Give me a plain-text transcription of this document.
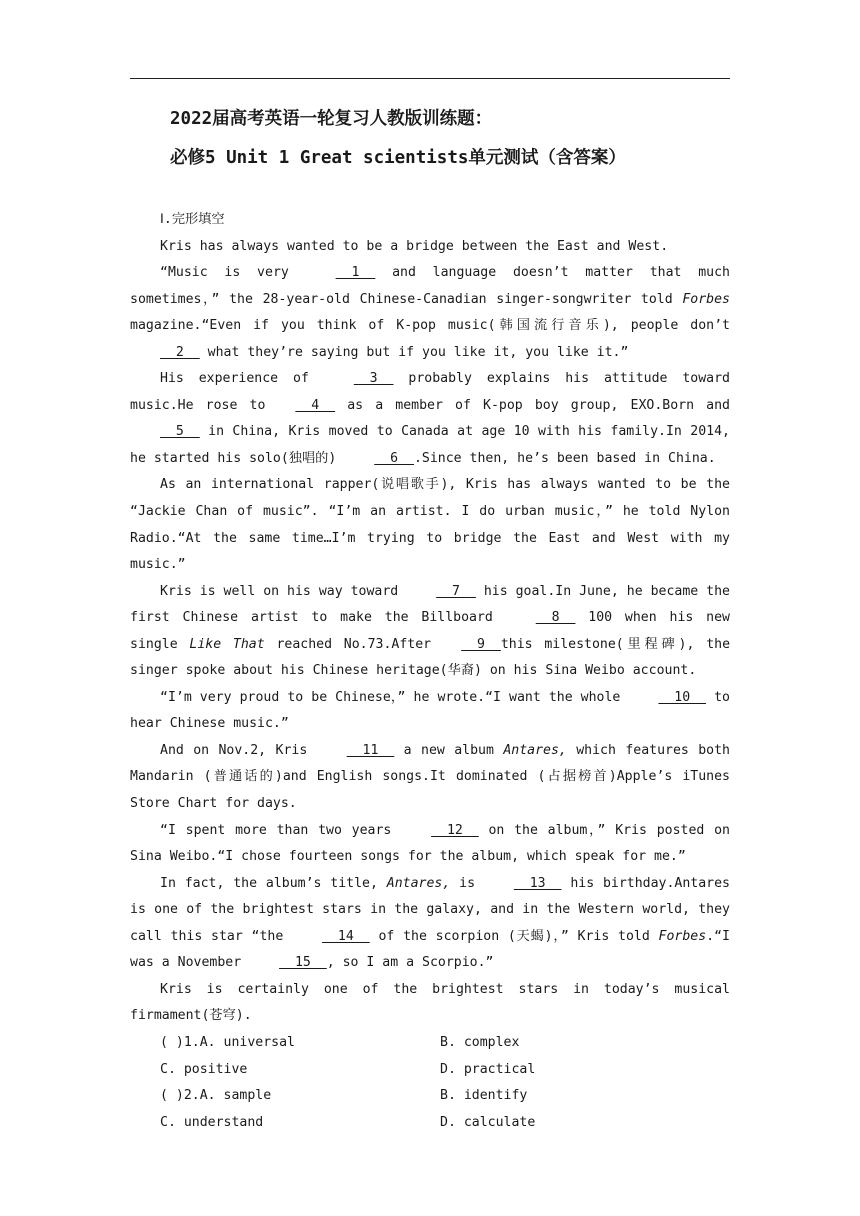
2022届高考英语一轮复习人教版训练题：
必修5 Unit 1 Great scientists单元测试（含答案）

Ⅰ.完形填空

Kris has always wanted to be a bridge between the East and West.

“Music is very   1   and language doesn’t matter that much sometimes，” the 28-year-old Chinese-Canadian singer-songwriter told Forbes magazine.“Even if you think of K-pop music(韩国流行音乐), people don’t   2   what they’re saying but if you like it, you like it.”

His experience of   3   probably explains his attitude toward music.He rose to  4   as a member of K-pop boy group, EXO.Born and   5   in China, Kris moved to Canada at age 10 with his family.In 2014, he started his solo(独唱的)   6  .Since then, he’s been based in China.

As an international rapper(说唱歌手), Kris has always wanted to be the “Jackie Chan of music”. “I’m an artist. I do urban music，” he told Nylon Radio.“At the same time…I’m trying to bridge the East and West with my music.”

Kris is well on his way toward   7   his goal.In June, he became the first Chinese artist to make the Billboard   8   100 when his new single Like That reached No.73.After  9  this milestone(里程碑), the singer spoke about his Chinese heritage(华裔) on his Sina Weibo account.

“I’m very proud to be Chinese，” he wrote.“I want the whole   10   to hear Chinese music.”

And on Nov.2, Kris   11   a new album Antares, which features both Mandarin (普通话的)and English songs.It dominated (占据榜首)Apple’s iTunes Store Chart for days.

“I spent more than two years   12   on the album，” Kris posted on Sina Weibo.“I chose fourteen songs for the album, which speak for me.”

In fact, the album’s title, Antares, is   13   his birthday.Antares is one of the brightest stars in the galaxy, and in the Western world, they call this star “the   14   of the scorpion (天蝎)，” Kris told Forbes.“I was a November   15  , so I am a Scorpio.”

Kris is certainly one of the brightest stars in today’s musical firmament(苍穹).

( )1.A. universal	B. complex
C. positive	D. practical
( )2.A. sample	B. identify
C. understand	D. calculate
